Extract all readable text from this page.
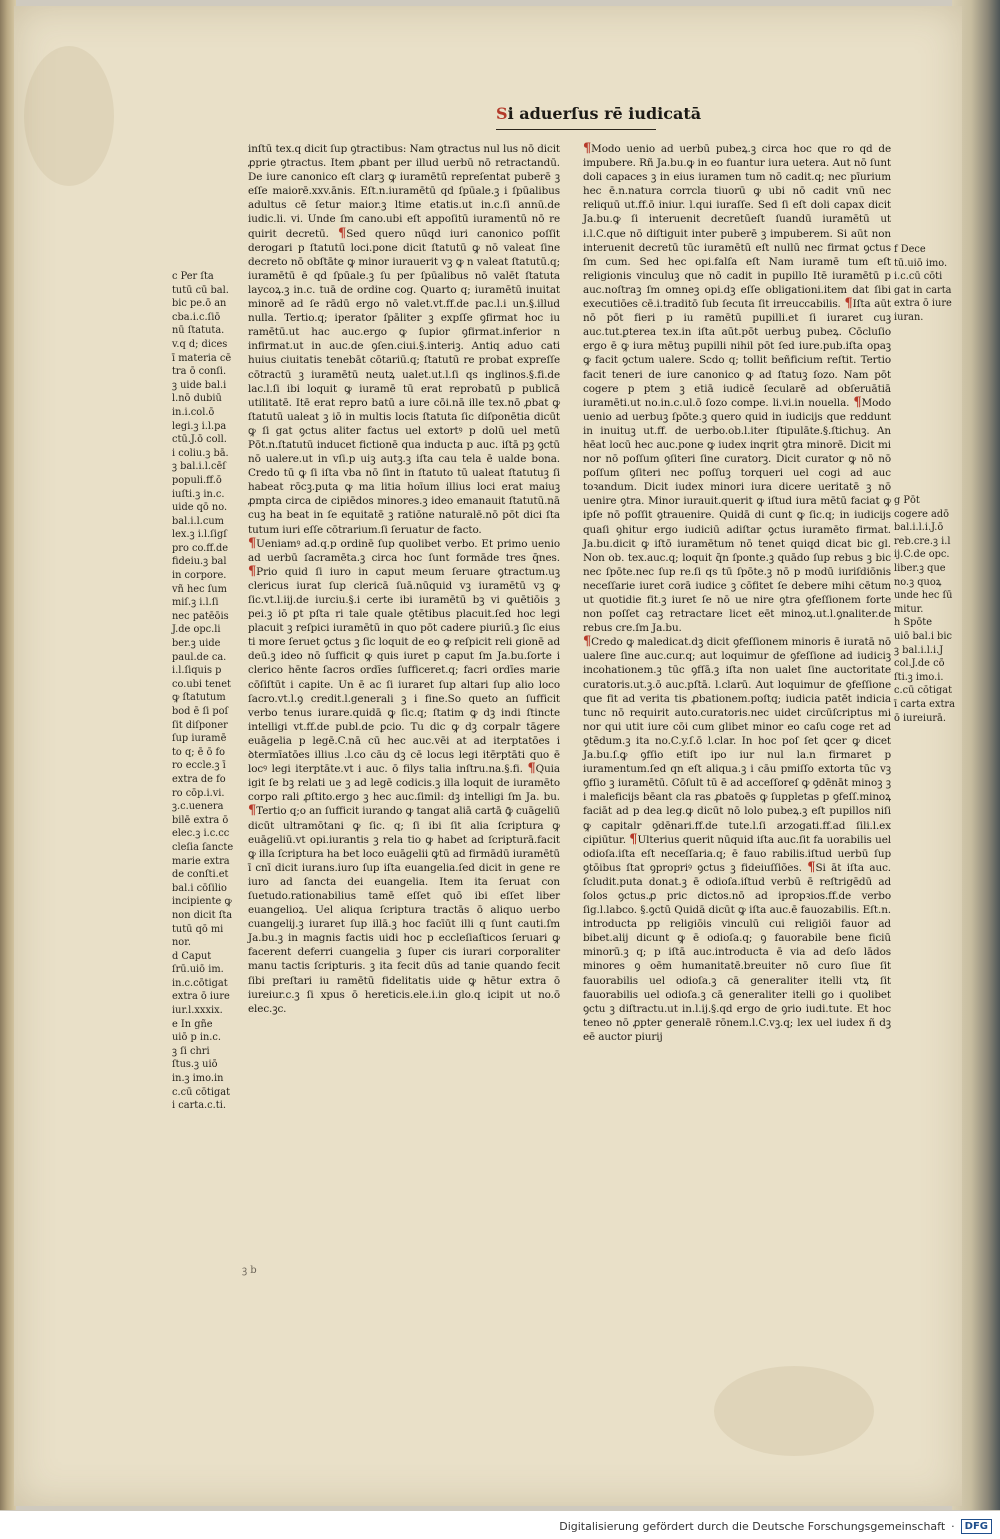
Si aduerſus rē iudicatā
c Per ſta
tutū cū bal.
bic pe.ō an
cba.i.c.ſiō
nū ſtatuta.
v.q d; dices
ī materia cē
tra ō conſi.
ꝫ uide bal.i
l.nō dubiū
in.i.col.ō
legi.ꝫ i.l.pa
ctū.J.ō coll.
i coliu.ꝫ bā.
ꝫ bal.i.l.cēſ
populi.ff.ō
iuſti.ꝫ in.c.
uide qō no.
bal.i.l.cum
lex.ꝫ i.l.ſigſ
pro co.ff.de
fideiu.ꝫ bal
in corpore.
vñ hec ſum
miſ.ꝫ i.l.ſi
nec patēōis
J.de opc.li
ber.ꝫ uide
paul.de ca.
i.l.ſiquis p
co.ubi tenet
ꝙ ſtatutum
bod ē ſi poſ
ſit diſponer
ſup iuramē
to q; ē ō fo
ro eccle.ꝫ ī
extra de fo
ro cōp.i.vi.
ꝫ.c.uenera
bilē extra ō
elec.ꝫ i.c.cc
cleſia ſancte
marie extra
de conſti.et
bal.i cōſilio
incipiente ꝙ
non dicit ſta
tutū qō mi
nor.
d Caput
ſrū.uiō im.
in.c.cōtigat
extra ō iure
iur.l.xxxix.
e In gñe
uiō p in.c.
ꝫ ſi chri
ſtus.ꝫ uiō
in.ꝫ imo.in
c.cū cōtigat
i carta.c.ti.

inſtū tex.q dicit ſup ꝯtractibus: Nam ꝯtractus nul lus nō dicit ꝓprie ꝯtractus. Item ꝓbant per illud uerbū nō retractandū. De iure canonico eſt clarꝫ ꝙ iuramētū repreſentat puberē ꝫ eſſe maiorē.xxv.ānis. Eſt.n.iuramētū qd ſpūale.ꝫ i ſpūalibus adultus cē ſetur maior.ꝫ ltime etatis.ut in.c.ſi annū.de iudic.li. vi. Unde ſm cano.ubi eſt appoſitū iuramentū nō re quirit decretū. ¶Sed quero nūqd iuri canonico poſſit derogari p ſtatutū loci.pone dicit ſtatutū ꝙ nō valeat ſine decreto nō obſtāte ꝙ minor iurauerit vꝫ ꝙ n valeat ſtatutū.q; iuramētū ē qd ſpūale.ꝫ ſu per ſpūalibus nō valēt ſtatuta laycoꝝ.ꝫ in.c. tuā de ordine cog. Quarto q; iuramētū inuitat minorē ad ſe rādū ergo nō valet.vt.ff.de pac.l.i un.§.illud nulla. Tertio.q; iperator ſpāliter ꝫ expſſe ꝯfirmat hoc iu ramētū.ut hac auc.ergo ꝙ ſupior ꝯfirmat.inferior n infirmat.ut in auc.de ꝯſen.ciui.§.interiꝫ. Antiq aduo cati huius ciuitatis tenebāt cōtariū.q; ſtatutū re probat expreſſe cōtractū ꝫ iuramētū neutꝝ ualet.ut.l.ſi qs inglinos.§.fi.de lac.l.ſi ibi loquit ꝙ iuramē tū erat reprobatū p publicā utilitatē. Itē erat repro batū a iure cōi.nā ille tex.nō ꝓbat ꝙ ſtatutū ualeat ꝫ iō in multis locis ſtatuta ſic diſponētia dicūt ꝙ ſi gat ꝯctus aliter factus uel extortꝰ p dolū uel metū Pōt.n.ſtatutū inducet fictionē qua inducta p auc. iſtā pꝫ ꝯctū nō ualere.ut in vſi.p uiꝫ autꝫ.ꝫ iſta cau tela ē ualde bona. Credo tū ꝙ ſi iſta vba nō ſint in ſtatuto tū ualeat ſtatutuꝫ ſi habeat rōcꝫ.puta ꝙ ma litia hoīum illius loci erat maiuꝫ ꝓmpta circa de cipiēdos minores.ꝫ ideo emanauit ſtatutū.nā cuꝫ ha beat in ſe equitatē ꝫ ratiōne naturalē.nō pōt dici ſta tutum iuri eſſe cōtrarium.ſi ſeruatur de facto.

¶Ueniamꝰ ad.q.p ordinē ſup quolibet verbo. Et primo uenio ad uerbū ſacramēta.ꝫ circa hoc ſunt formāde tres q̄nes. ¶Prio quid ſi iuro in caput meum ſeruare ꝯtractum.uꝫ clericus iurat ſup clericā ſuā.nūquid vꝫ iuramētū vꝫ ꝙ ſic.vt.l.iij.de iurciu.§.i certe ibi iuramētū bꝫ vi ꝙuētiōis ꝫ pei.ꝫ iō ꝑt pſta ri tale quale ꝯtētibus placuit.ſed hoc legi placuit ꝫ reſpici iuramētū in quo pōt cadere piuriū.ꝫ ſic eius ti more ſeruet ꝯctus ꝫ ſic loquit de eo ꝙ reſpicit reli gionē ad deū.ꝫ ideo nō ſufficit ꝙ quis iuret p caput ſm Ja.bu.ſorte i clerico hēnte ſacros ordīes ſufficeret.q; facri ordīes marie cōſiſtūt i capite. Un ē ac ſi iuraret ſup altari ſup alio loco ſacro.vt.l.ꝯ credit.l.generali ꝫ i fine.So queto an ſufficit verbo tenus iurare.quidā ꝙ ſic.q; ſtatim ꝙ dꝫ indi ſtincte intelligi vt.ff.de publ.de ꝑcio. Tu dic ꝙ dꝫ corpalr tāgere euāgelia p legē.C.nā cū hec auc.vēi at ad iterptatōes i ꝺtermīatōes illius .l.co cāu dꝫ cē locus legi itērptāti quo ē locꝰ legi iterptāte.vt i auc. ō filys talia inſtru.na.§.fi. ¶Quia igit ſe bꝫ relati ue ꝫ ad legē codicis.ꝫ illa loquit de iuramēto corpo rali ꝓſtito.ergo ꝫ hec auc.ſimil: dꝫ intelligi ſm Ja. bu. ¶Tertio q;o an ſufficit iurando ꝙ tangat aliā cartā ꝙ̄ cuāgeliū dicūt ultramōtani ꝙ ſic. q; ſi ibi ſit alia ſcriptura ꝙ euāgeliū.vt opi.iurantis ꝫ rela tio ꝙ habet ad ſcripturā.facit ꝙ illa ſcriptura ha bet loco euāgelii ꝙtū ad firmādū iuramētū ī cnī dicit iurans.iuro ſup iſta euangelia.ſed dicit in gene re iuro ad ſancta dei euangelia. Item ita ſeruat con ſuetudo.rationabilius tamē eſſet quō ibi eſſet liber euangelioꝝ. Uel aliqua ſcriptura tractās ō aliquo uerbo cuangelij.ꝫ iuraret ſup illā.ꝫ hoc facīūt illi q ſunt cauti.ſm Ja.bu.ꝫ in magnis factis uidi hoc p eccleſiaſticos ſeruari ꝙ facerent deferri cuangelia ꝫ ſuper cis iurari corporaliter manu tactis ſcripturis. ꝫ ita fecit dūs ad tanie quando fecit ſibi preſtari iu ramētū fidelitatis uide ꝙ hētur extra ō iureiur.c.ꝫ ſi xpus ō hereticis.ele.i.in glo.q icipit ut no.ō elec.ꝫc.

¶Modo uenio ad uerbū pubeꝝ.ꝫ circa hoc que ro qd de impubere. Rñ Ja.bu.ꝙ in eo fuantur iura uetera. Aut nō ſunt doli capaces ꝫ in eius iuramen tum nō cadit.q; nec pīurium hec ē.n.natura corrcla tiuorū ꝙ ubi nō cadit vnū nec reliquū ut.ff.ō iniur. l.qui iuraſſe. Sed ſi eſt doli capax dicit Ja.bu.ꝙ ſi interuenit decretūeſt ſuandū iuramētū ut i.l.C.que nō diſtiguit inter puberē ꝫ impuberem. Si aūt non interuenit decretū tūc iuramētū eſt nullū nec firmat ꝯctus ſm cum. Sed hec opi.falſa eſt Nam iuramē tum eſt religionis vinculuꝫ que nō cadit in pupillo Itē iuramētū p auc.noſtraꝫ ſm omneꝫ opi.dꝫ eſſe obligationi.item dat ſibi executiōes cē.i.traditō ſub ſecuta ſit irreuccabilis. ¶Iſta aūt nō pōt fieri p iu ramētū pupilli.et ſi iuraret cuꝫ auc.tut.ꝑterea tex.in iſta aūt.pōt uerbuꝫ pubeꝝ. Cōcluſio ergo ē ꝙ iura mētuꝫ pupilli nihil pōt ſed iure.pub.iſta opaꝫ ꝙ facit ꝯctum ualere. Scdo q; tollit beñficium reſtit. Tertio facit teneri de iure canonico ꝙ ad ſtatuꝫ ſozo. Nam pōt cogere p ptem ꝫ etiā iudicē ſecularē ad obſeruātiā iuramēti.ut no.in.c.ul.ō ſozo compe. li.vi.in nouella. ¶Modo uenio ad uerbuꝫ ſpōte.ꝫ quero quid in iudicijs que reddunt in inuituꝫ ut.ff. de uerbo.ob.l.iter ſtipulāte.§.ſtichuꝫ. An hēat locū hec auc.pone ꝙ iudex inqrit ꝯtra minorē. Dicit mi nor nō poſſum ꝯſiteri ſine curatorꝫ. Dicit curator ꝙ nō nō poſſum ꝯſiteri nec poſſuꝫ torqueri uel cogi ad auc toꝛandum. Dicit iudex minori iura dicere ueritatē ꝫ nō uenire ꝯtra. Minor iurauit.querit ꝙ iſtud iura mētū faciat ꝙ ipſe nō poſſit ꝯtrauenire. Quidā di cunt ꝙ ſic.q; in iudicijs quaſi ꝯhitur ergo iudiciū adiſtar ꝯctus iuramēto firmat. Ja.bu.dicit ꝙ iſtō iuramētum nō tenet quiqd dicat bic gl. Non ob. tex.auc.q; loquit q̄n ſponte.ꝫ quādo ſup rebus ꝫ bic nec ſpōte.nec ſup re.ſi qs tū ſpōte.ꝫ nō p modū iuriſdiōnis neceſſarie iuret corā iudice ꝫ cōfitet ſe debere mihi cētum ut quotidie fit.ꝫ iuret ſe nō ue nire ꝯtra ꝯfeſſionem forte non poſſet caꝫ retractare licet eēt minoꝝ.ut.l.ꝯnaliter.de rebus cre.ſm Ja.bu.

¶Credo ꝙ maledicat.dꝫ dicit ꝯfeſſionem minoris ē iuratā nō ualere ſine auc.cur.q; aut loquimur de ꝯfeſſione ad iudiciꝫ incohationem.ꝫ tūc ꝯfſā.ꝫ iſta non ualet ſine auctoritate curatoris.ut.ꝫ.ō auc.pſtā. l.clarū. Aut loquimur de ꝯfeſſione que fit ad verita tis ꝓbationem.poſtq; iudicia patēt indicia tunc nō requirit auto.curatoris.nec uidet circūſcriptus mi nor qui utit iure cōi cum glibet minor eo caſu coge ret ad ꝯtēdum.ꝫ ita no.C.y.ſ.ō l.clar. In hoc poſ ſet ꝗcer ꝙ dicet Ja.bu.ſ.ꝙ ꝯfſio etiſt ipo iur nul la.n firmaret p iuramentum.ſed qn eſt aliqua.ꝫ i cāu pmiſſo extorta tūc vꝫ ꝯfſio ꝫ iuramētū. Cōſult tū ē ad acceſſoreſ ꝙ ꝯdēnāt minoꝫ ꝫ i maleficijs bēant cla ras ꝓbatoēs ꝙ ſuppletas p ꝯfeſſ.minoꝝ faciāt ad p dea leg.ꝙ dicūt nō lolo pubeꝝ.ꝫ eſt pupillos niſi ꝙ capitalr ꝯdēnari.ff.de tute.l.ſi arzogati.ff.ad ſili.l.ex cipiūtur. ¶Ulterius querit nūquid iſta auc.ſit fa uorabilis uel odioſa.iſta eſt neceſſaria.q; ē fauo rabilis.iſtud uerbū ſup ꝯtōibus ſtat ꝯpropriꝰ ꝯctus ꝫ fideiuſſiōes. ¶Si āt iſta auc. ſcludit.puta donat.ꝫ ē odioſa.iſtud verbū ē reſtrigēdū ad ſolos ꝯctus.ꝓ pric dictos.nō ad ipropꝛios.ff.de verbo ſig.l.labco. §.ꝯctū Quidā dicūt ꝙ iſta auc.ē fauozabilis. Eſt.n. introducta pp religiōis vinculū cui religiōi fauor ad bibet.alij dicunt ꝙ ē odioſa.q; ꝯ fauorabile bene ficiū minorū.ꝫ q; p iſtā auc.introducta ē via ad deſo lādos minores ꝯ oēm humanitatē.breuiter nō curo ſiue ſit fauorabilis uel odioſa.ꝫ cā generaliter itelli vtꝝ ſit fauorabilis uel odioſa.ꝫ cā generaliter itelli go i quolibet ꝯctu ꝫ diſtractu.ut in.l.ij.§.qd ergo de ꝯrio iudi.tute. Et hoc teneo nō ꝓpter generalē rōnem.l.C.vꝫ.q; lex uel iudex ñ dꝫ eē auctor piurij

f Dece
tū.uiō imo.
i.c.cū cōti
gat in carta
extra ō iure
iuran.
g Pōt
cogere adō
bal.i.l.i.J.ō
reb.cre.ꝫ i.l
ij.C.de opc.
liber.ꝫ que
no.ꝫ quoꝝ
unde hec ſū
mitur.
h Spōte
uiō bal.i bic
ꝫ bal.i.l.i.J
col.J.de cō
ſti.ꝫ imo.i.
c.cū cōtigat
ī carta extra
ō iureiurā.
ꝫ b
Digitalisierung gefördert durch die Deutsche Forschungsgemeinschaft ·	DFG
